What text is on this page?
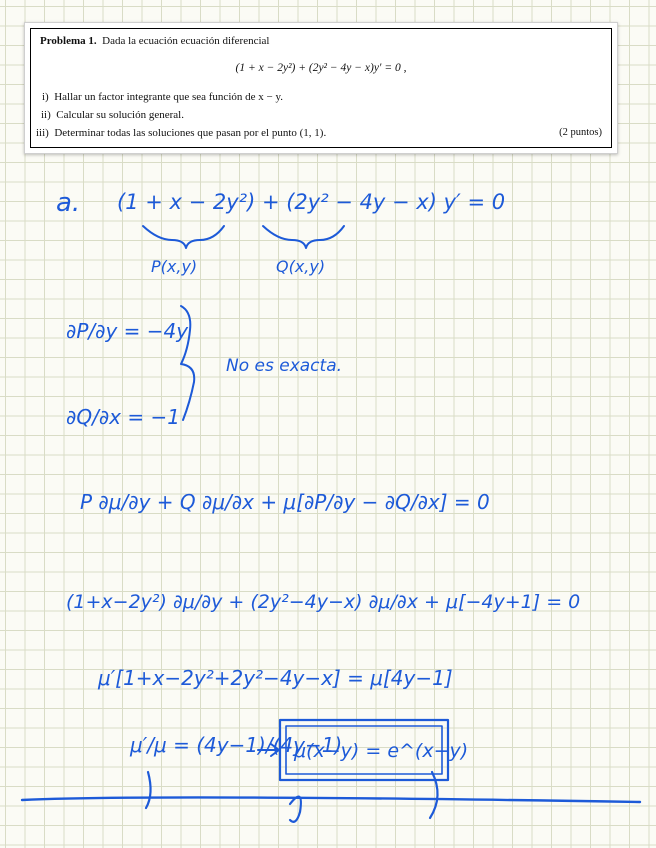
Problema 1. Dada la ecuación ecuación diferencial
(1 + x − 2y²) + (2y² − 4y − x)y′ = 0 ,
i) Hallar un factor integrante que sea función de x − y.
ii) Calcular su solución general.
iii) Determinar todas las soluciones que pasan por el punto (1, 1).	(2 puntos)
a. (1 + x − 2y²) + (2y² − 4y − x) y′ = 0
P(x,y)	Q(x,y)
∂P/∂y = −4y
∂Q/∂x = −1
No es exacta.
P ∂μ/∂y + Q ∂μ/∂x + μ[∂P/∂y − ∂Q/∂x] = 0
(1+x−2y²) ∂μ/∂y + (2y²−4y−x) ∂μ/∂x + μ[−4y+1] = 0
μ′[1+x−2y²+2y²−4y−x] = μ[4y−1]
μ′/μ = (4y−1)/(4y−1)
μ(x−y) = e^(x−y)
